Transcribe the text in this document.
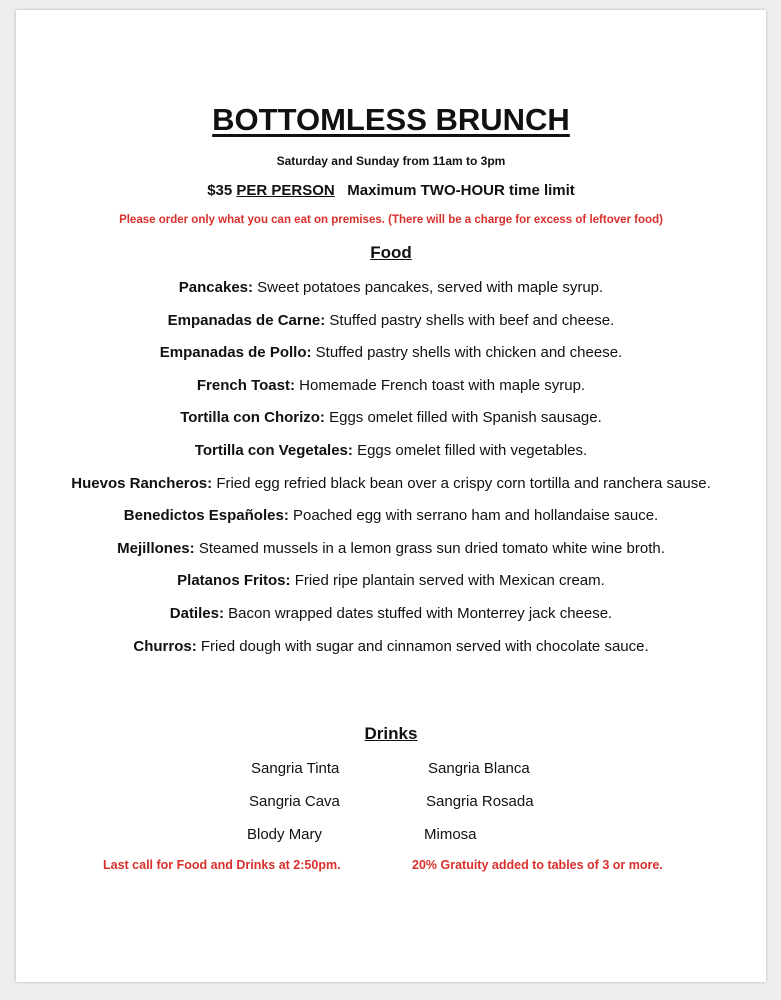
BOTTOMLESS BRUNCH
Saturday and Sunday from 11am to 3pm
$35 PER PERSON Maximum TWO-HOUR time limit
Please order only what you can eat on premises. (There will be a charge for excess of leftover food)
Food
Pancakes: Sweet potatoes pancakes, served with maple syrup.
Empanadas de Carne: Stuffed pastry shells with beef and cheese.
Empanadas de Pollo: Stuffed pastry shells with chicken and cheese.
French Toast: Homemade French toast with maple syrup.
Tortilla con Chorizo: Eggs omelet filled with Spanish sausage.
Tortilla con Vegetales: Eggs omelet filled with vegetables.
Huevos Rancheros: Fried egg refried black bean over a crispy corn tortilla and ranchera sause.
Benedictos Españoles: Poached egg with serrano ham and hollandaise sauce.
Mejillones: Steamed mussels in a lemon grass sun dried tomato white wine broth.
Platanos Fritos: Fried ripe plantain served with Mexican cream.
Datiles: Bacon wrapped dates stuffed with Monterrey jack cheese.
Churros: Fried dough with sugar and cinnamon served with chocolate sauce.
Drinks
Sangria Tinta	Sangria Blanca
Sangria Cava	Sangria Rosada
Blody Mary	Mimosa
Last call for Food and Drinks at 2:50pm.	20% Gratuity added to tables of 3 or more.
